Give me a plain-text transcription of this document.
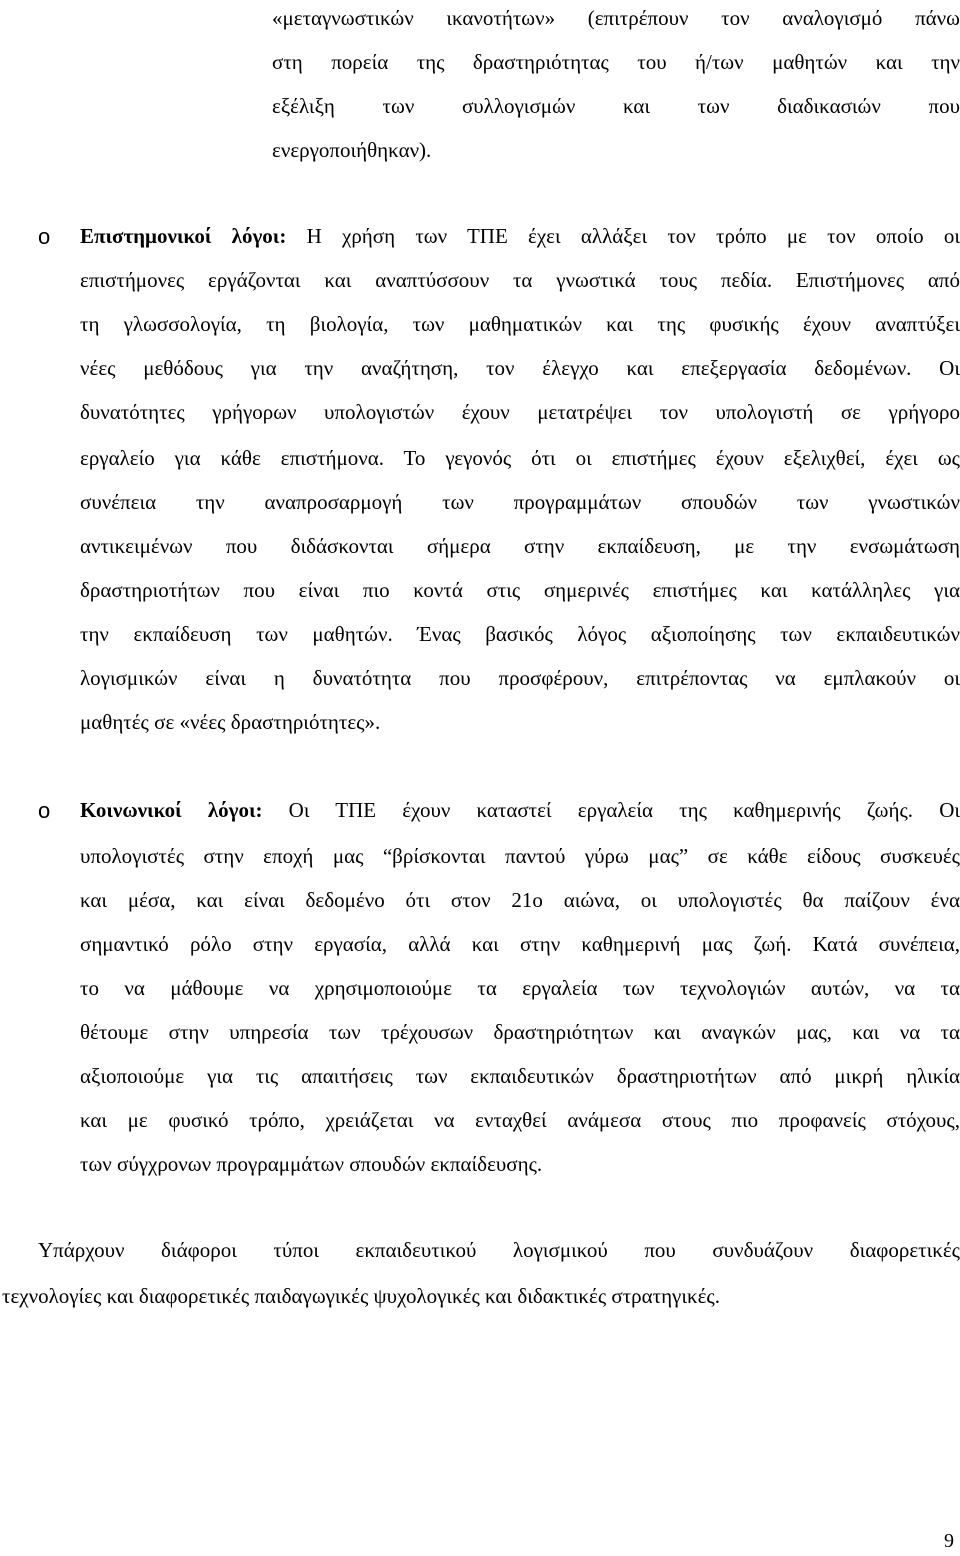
«μεταγνωστικών ικανοτήτων» (επιτρέπουν τον αναλογισμό πάνω
στη πορεία της δραστηριότητας του ή/των μαθητών και την
εξέλιξη των συλλογισμών και των διαδικασιών που
ενεργοποιήθηκαν).
o Επιστημονικοί λόγοι: Η χρήση των ΤΠΕ έχει αλλάξει τον τρόπο με τον οποίο οι
επιστήμονες εργάζονται και αναπτύσσουν τα γνωστικά τους πεδία. Επιστήμονες από
τη γλωσσολογία, τη βιολογία, των μαθηματικών και της φυσικής έχουν αναπτύξει
νέες μεθόδους για την αναζήτηση, τον έλεγχο και επεξεργασία δεδομένων. Οι
δυνατότητες γρήγορων υπολογιστών έχουν μετατρέψει τον υπολογιστή σε γρήγορο
εργαλείο για κάθε επιστήμονα. Το γεγονός ότι οι επιστήμες έχουν εξελιχθεί, έχει ως
συνέπεια την αναπροσαρμογή των προγραμμάτων σπουδών των γνωστικών
αντικειμένων που διδάσκονται σήμερα στην εκπαίδευση, με την ενσωμάτωση
δραστηριοτήτων που είναι πιο κοντά στις σημερινές επιστήμες και κατάλληλες για
την εκπαίδευση των μαθητών. Ένας βασικός λόγος αξιοποίησης των εκπαιδευτικών
λογισμικών είναι η δυνατότητα που προσφέρουν, επιτρέποντας να εμπλακούν οι
μαθητές σε «νέες δραστηριότητες».
o Κοινωνικοί λόγοι: Οι ΤΠΕ έχουν καταστεί εργαλεία της καθημερινής ζωής. Οι
υπολογιστές στην εποχή μας “βρίσκονται παντού γύρω μας” σε κάθε είδους συσκευές
και μέσα, και είναι δεδομένο ότι στον 21ο αιώνα, οι υπολογιστές θα παίζουν ένα
σημαντικό ρόλο στην εργασία, αλλά και στην καθημερινή μας ζωή. Κατά συνέπεια,
το να μάθουμε να χρησιμοποιούμε τα εργαλεία των τεχνολογιών αυτών, να τα
θέτουμε στην υπηρεσία των τρέχουσων δραστηριότητων και αναγκών μας, και να τα
αξιοποιούμε για τις απαιτήσεις των εκπαιδευτικών δραστηριοτήτων από μικρή ηλικία
και με φυσικό τρόπο, χρειάζεται να ενταχθεί ανάμεσα στους πιο προφανείς στόχους,
των σύγχρονων προγραμμάτων σπουδών εκπαίδευσης.
Υπάρχουν διάφοροι τύποι εκπαιδευτικού λογισμικού που συνδυάζουν διαφορετικές
τεχνολογίες και διαφορετικές παιδαγωγικές ψυχολογικές και διδακτικές στρατηγικές.
9
